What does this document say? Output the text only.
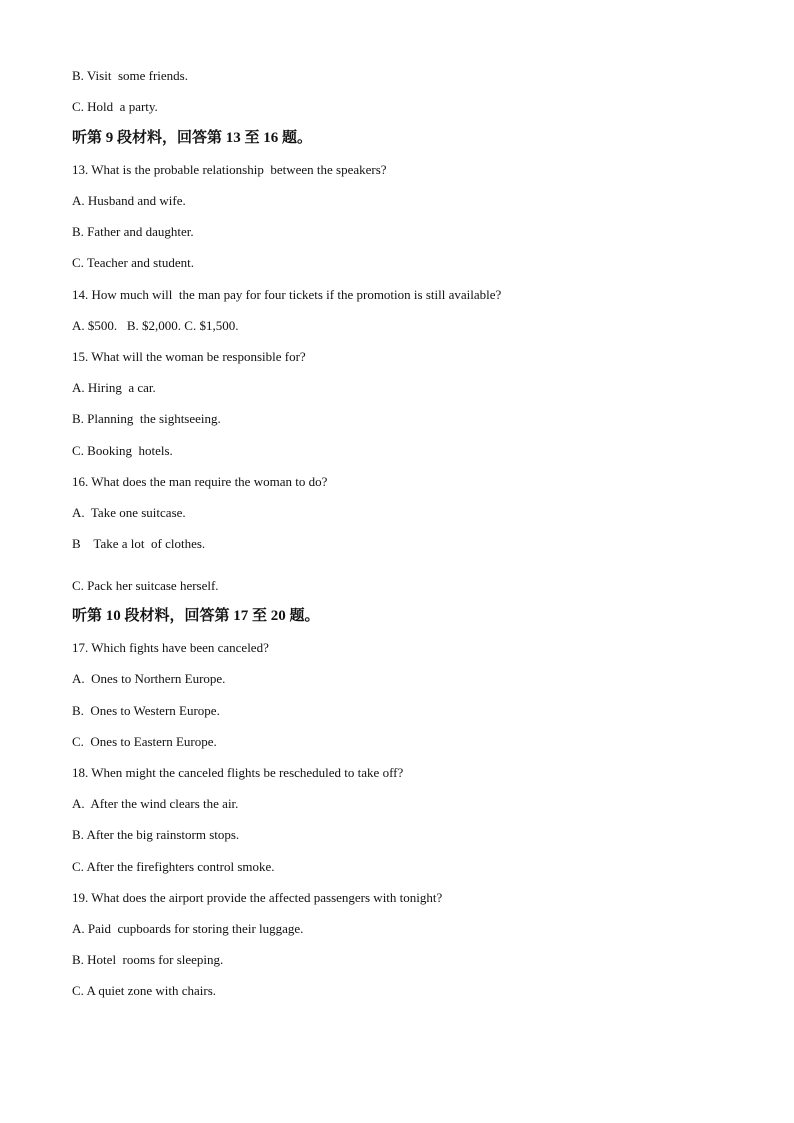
B. Visit  some friends.
C. Hold  a party.
听第 9 段材料，回答第 13 至 16 题。
13. What is the probable relationship  between the speakers?
A. Husband and wife.
B. Father and daughter.
C. Teacher and student.
14. How much will  the man pay for four tickets if the promotion is still available?
A. $500.   B. $2,000. C. $1,500.
15. What will the woman be responsible for?
A. Hiring  a car.
B. Planning  the sightseeing.
C. Booking  hotels.
16. What does the man require the woman to do?
A.  Take one suitcase.
B    Take a lot  of clothes.
C. Pack her suitcase herself.
听第 10 段材料，回答第 17 至 20 题。
17. Which fights have been canceled?
A.  Ones to Northern Europe.
B.  Ones to Western Europe.
C.  Ones to Eastern Europe.
18. When might the canceled flights be rescheduled to take off?
A.  After the wind clears the air.
B. After the big rainstorm stops.
C. After the firefighters control smoke.
19. What does the airport provide the affected passengers with tonight?
A. Paid  cupboards for storing their luggage.
B. Hotel  rooms for sleeping.
C. A quiet zone with chairs.
